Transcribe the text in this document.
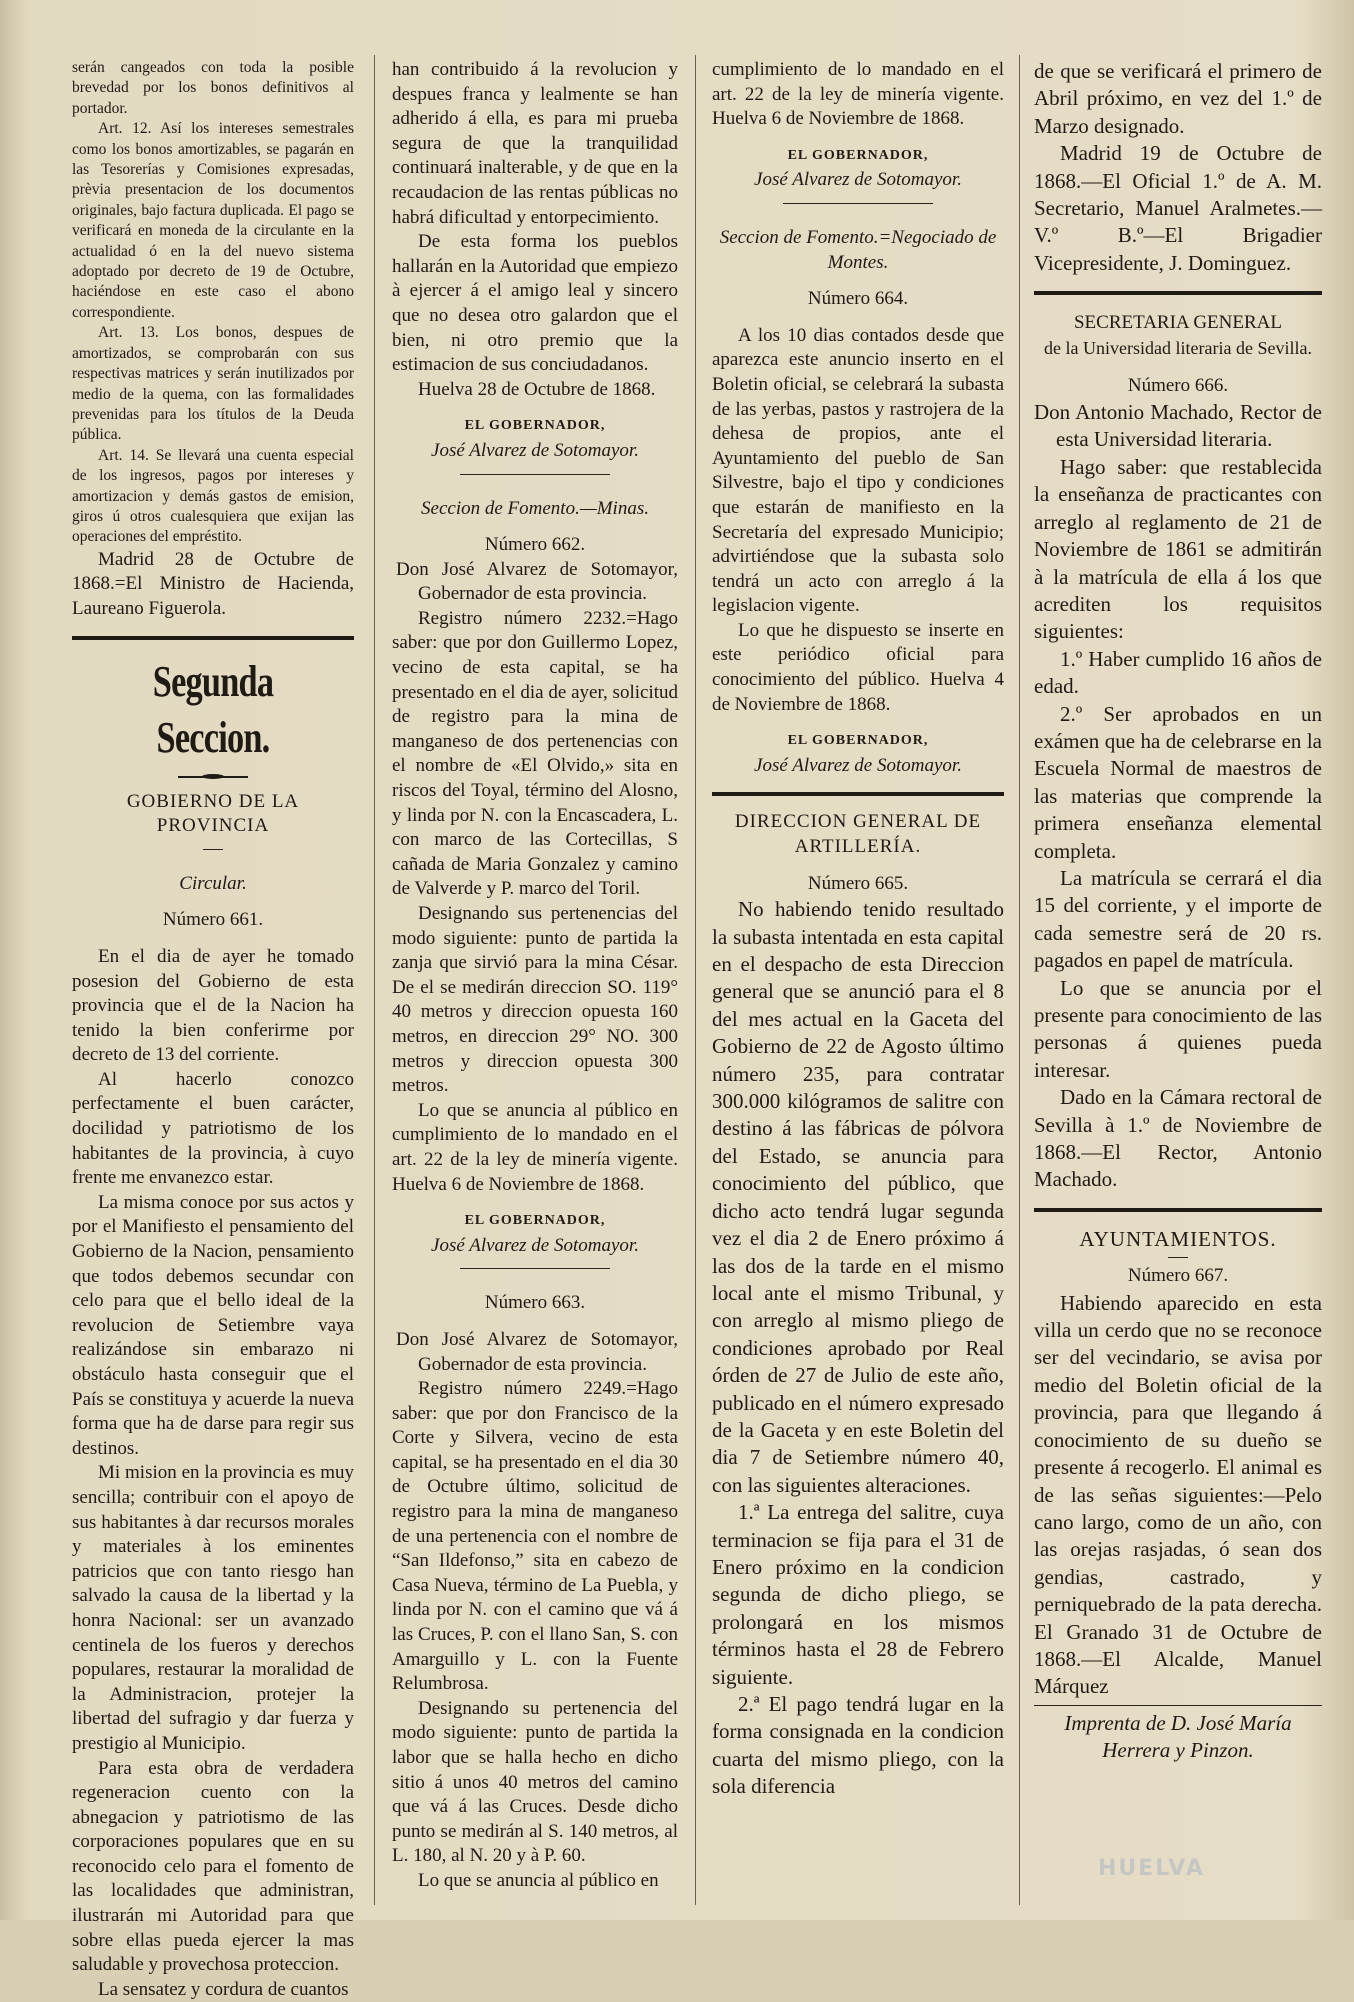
serán cangeados con toda la posible brevedad por los bonos definitivos al portador.

Art. 12. Así los intereses semestrales como los bonos amortizables, se pagarán en las Tesorerías y Comisiones expresadas, prèvia presentacion de los documentos originales, bajo factura duplicada. El pago se verificará en moneda de la circulante en la actualidad ó en la del nuevo sistema adoptado por decreto de 19 de Octubre, haciéndose en este caso el abono correspondiente.

Art. 13. Los bonos, despues de amortizados, se comprobarán con sus respectivas matrices y serán inutilizados por medio de la quema, con las formalidades prevenidas para los títulos de la Deuda pública.

Art. 14. Se llevará una cuenta especial de los ingresos, pagos por intereses y amortizacion y demás gastos de emision, giros ú otros cualesquiera que exijan las operaciones del empréstito.

Madrid 28 de Octubre de 1868.=El Ministro de Hacienda, Laureano Figuerola.

Segunda Seccion.

GOBIERNO DE LA PROVINCIA

Circular.

Número 661.

En el dia de ayer he tomado posesion del Gobierno de esta provincia que el de la Nacion ha tenido la bien conferirme por decreto de 13 del corriente.

Al hacerlo conozco perfectamente el buen carácter, docilidad y patriotismo de los habitantes de la provincia, à cuyo frente me envanezco estar.

La misma conoce por sus actos y por el Manifiesto el pensamiento del Gobierno de la Nacion, pensamiento que todos debemos secundar con celo para que el bello ideal de la revolucion de Setiembre vaya realizándose sin embarazo ni obstáculo hasta conseguir que el País se constituya y acuerde la nueva forma que ha de darse para regir sus destinos.

Mi mision en la provincia es muy sencilla; contribuir con el apoyo de sus habitantes à dar recursos morales y materiales à los eminentes patricios que con tanto riesgo han salvado la causa de la libertad y la honra Nacional: ser un avanzado centinela de los fueros y derechos populares, restaurar la moralidad de la Administracion, protejer la libertad del sufragio y dar fuerza y prestigio al Municipio.

Para esta obra de verdadera regeneracion cuento con la abnegacion y patriotismo de las corporaciones populares que en su reconocido celo para el fomento de las localidades que administran, ilustrarán mi Autoridad para que sobre ellas pueda ejercer la mas saludable y provechosa proteccion.

La sensatez y cordura de cuantos

han contribuido á la revolucion y despues franca y lealmente se han adherido á ella, es para mi prueba segura de que la tranquilidad continuará inalterable, y de que en la recaudacion de las rentas públicas no habrá dificultad y entorpecimiento.

De esta forma los pueblos hallarán en la Autoridad que empiezo à ejercer á el amigo leal y sincero que no desea otro galardon que el bien, ni otro premio que la estimacion de sus conciudadanos.

Huelva 28 de Octubre de 1868.

EL GOBERNADOR,

José Alvarez de Sotomayor.

Seccion de Fomento.—Minas.

Número 662.

Don José Alvarez de Sotomayor, Gobernador de esta provincia.

Registro número 2232.=Hago saber: que por don Guillermo Lopez, vecino de esta capital, se ha presentado en el dia de ayer, solicitud de registro para la mina de manganeso de dos pertenencias con el nombre de «El Olvido,» sita en riscos del Toyal, término del Alosno, y linda por N. con la Encascadera, L. con marco de las Cortecillas, S cañada de Maria Gonzalez y camino de Valverde y P. marco del Toril.

Designando sus pertenencias del modo siguiente: punto de partida la zanja que sirvió para la mina César. De el se medirán direccion SO. 119° 40 metros y direccion opuesta 160 metros, en direccion 29° NO. 300 metros y direccion opuesta 300 metros.

Lo que se anuncia al público en cumplimiento de lo mandado en el art. 22 de la ley de minería vigente. Huelva 6 de Noviembre de 1868.

EL GOBERNADOR,

José Alvarez de Sotomayor.

Número 663.

Don José Alvarez de Sotomayor, Gobernador de esta provincia.

Registro número 2249.=Hago saber: que por don Francisco de la Corte y Silvera, vecino de esta capital, se ha presentado en el dia 30 de Octubre último, solicitud de registro para la mina de manganeso de una pertenencia con el nombre de “San Ildefonso,” sita en cabezo de Casa Nueva, término de La Puebla, y linda por N. con el camino que vá á las Cruces, P. con el llano San, S. con Amarguillo y L. con la Fuente Relumbrosa.

Designando su pertenencia del modo siguiente: punto de partida la labor que se halla hecho en dicho sitio á unos 40 metros del camino que vá á las Cruces. Desde dicho punto se medirán al S. 140 metros, al L. 180, al N. 20 y à P. 60.

Lo que se anuncia al público en

cumplimiento de lo mandado en el art. 22 de la ley de minería vigente. Huelva 6 de Noviembre de 1868.

EL GOBERNADOR,

José Alvarez de Sotomayor.

Seccion de Fomento.=Negociado de Montes.

Número 664.

A los 10 dias contados desde que aparezca este anuncio inserto en el Boletin oficial, se celebrará la subasta de las yerbas, pastos y rastrojera de la dehesa de propios, ante el Ayuntamiento del pueblo de San Silvestre, bajo el tipo y condiciones que estarán de manifiesto en la Secretaría del expresado Municipio; advirtiéndose que la subasta solo tendrá un acto con arreglo á la legislacion vigente.

Lo que he dispuesto se inserte en este periódico oficial para conocimiento del público. Huelva 4 de Noviembre de 1868.

EL GOBERNADOR,

José Alvarez de Sotomayor.

DIRECCION GENERAL DE ARTILLERÍA.

Número 665.

No habiendo tenido resultado la subasta intentada en esta capital en el despacho de esta Direccion general que se anunció para el 8 del mes actual en la Gaceta del Gobierno de 22 de Agosto último número 235, para contratar 300.000 kilógramos de salitre con destino á las fábricas de pólvora del Estado, se anuncia para conocimiento del público, que dicho acto tendrá lugar segunda vez el dia 2 de Enero próximo á las dos de la tarde en el mismo local ante el mismo Tribunal, y con arreglo al mismo pliego de condiciones aprobado por Real órden de 27 de Julio de este año, publicado en el número expresado de la Gaceta y en este Boletin del dia 7 de Setiembre número 40, con las siguientes alteraciones.

1.ª La entrega del salitre, cuya terminacion se fija para el 31 de Enero próximo en la condicion segunda de dicho pliego, se prolongará en los mismos términos hasta el 28 de Febrero siguiente.

2.ª El pago tendrá lugar en la forma consignada en la condicion cuarta del mismo pliego, con la sola diferencia

de que se verificará el primero de Abril próximo, en vez del 1.º de Marzo designado.

Madrid 19 de Octubre de 1868.—El Oficial 1.º de A. M. Secretario, Manuel Aralmetes.—V.º B.º—El Brigadier Vicepresidente, J. Dominguez.

SECRETARIA GENERAL

de la Universidad literaria de Sevilla.

Número 666.

Don Antonio Machado, Rector de esta Universidad literaria.

Hago saber: que restablecida la enseñanza de practicantes con arreglo al reglamento de 21 de Noviembre de 1861 se admitirán à la matrícula de ella á los que acrediten los requisitos siguientes:

1.º Haber cumplido 16 años de edad.

2.º Ser aprobados en un exámen que ha de celebrarse en la Escuela Normal de maestros de las materias que comprende la primera enseñanza elemental completa.

La matrícula se cerrará el dia 15 del corriente, y el importe de cada semestre será de 20 rs. pagados en papel de matrícula.

Lo que se anuncia por el presente para conocimiento de las personas á quienes pueda interesar.

Dado en la Cámara rectoral de Sevilla à 1.º de Noviembre de 1868.—El Rector, Antonio Machado.

AYUNTAMIENTOS.

Número 667.

Habiendo aparecido en esta villa un cerdo que no se reconoce ser del vecindario, se avisa por medio del Boletin oficial de la provincia, para que llegando á conocimiento de su dueño se presente á recogerlo. El animal es de las señas siguientes:—Pelo cano largo, como de un año, con las orejas rasjadas, ó sean dos gendias, castrado, y perniquebrado de la pata derecha. El Granado 31 de Octubre de 1868.—El Alcalde, Manuel Márquez

Imprenta de D. José María Herrera y Pinzon.

HUELVA
